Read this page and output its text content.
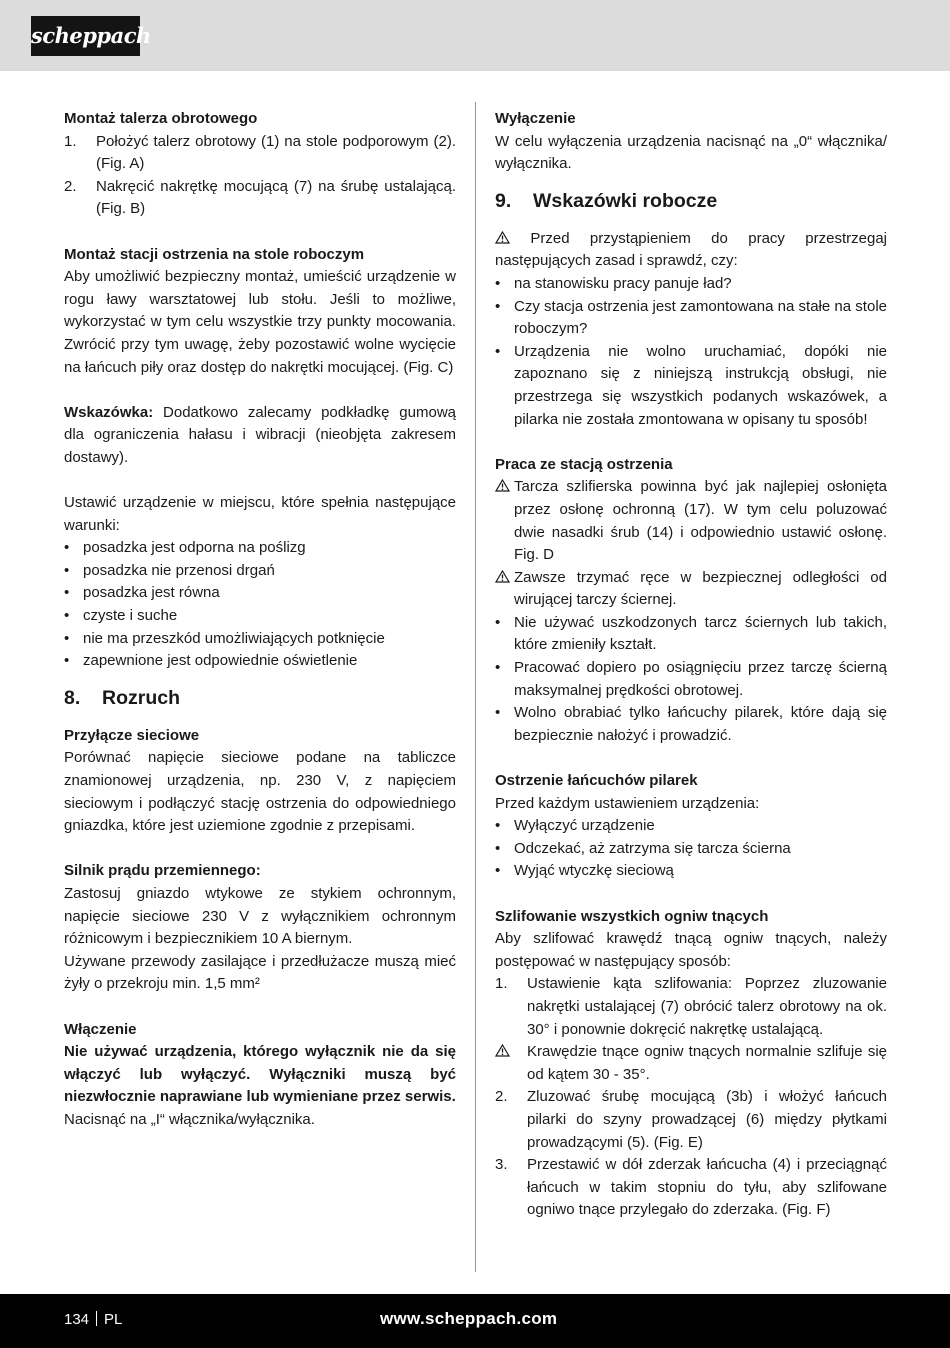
scheppach

Montaż talerza obrotowego

1.	Położyć talerz obrotowy (1) na stole podporowym (2). (Fig. A)
2.	Nakręcić nakrętkę mocującą (7) na śrubę ustalającą. (Fig. B)

Montaż stacji ostrzenia na stole roboczym

Aby umożliwić bezpieczny montaż, umieścić urządzenie w rogu ławy warsztatowej lub stołu. Jeśli to możliwe, wykorzystać w tym celu wszystkie trzy punkty mocowania. Zwrócić przy tym uwagę, żeby pozostawić wolne wycięcie na łańcuch piły oraz dostęp do nakrętki mocującej. (Fig. C)

Wskazówka: Dodatkowo zalecamy podkładkę gumową dla ograniczenia hałasu i wibracji (nieobjęta zakresem dostawy).

Ustawić urządzenie w miejscu, które spełnia następujące warunki:

• posadzka jest odporna na poślizg
• posadzka nie przenosi drgań
• posadzka jest równa
• czyste i suche
• nie ma przeszkód umożliwiających potknięcie
• zapewnione jest odpowiednie oświetlenie
8.	Rozruch

Przyłącze sieciowe

Porównać napięcie sieciowe podane na tabliczce znamionowej urządzenia, np. 230 V, z napięciem sieciowym i podłączyć stację ostrzenia do odpowiedniego gniazdka, które jest uziemione zgodnie z przepisami.

Silnik prądu przemiennego:

Zastosuj gniazdo wtykowe ze stykiem ochronnym, napięcie sieciowe 230 V z wyłącznikiem ochronnym różnicowym i bezpiecznikiem 10 A biernym.

Używane przewody zasilające i przedłużacze muszą mieć żyły o przekroju min. 1,5 mm²

Włączenie

Nie używać urządzenia, którego wyłącznik nie da się włączyć lub wyłączyć. Wyłączniki muszą być niezwłocznie naprawiane lub wymieniane przez serwis.

Nacisnąć na „I“ włącznika/wyłącznika.

Wyłączenie

W celu wyłączenia urządzenia nacisnąć na „0“ włącznika/ wyłącznika.

9.	Wskazówki robocze

Przed przystąpieniem do pracy przestrzegaj następujących zasad i sprawdź, czy:

• na stanowisku pracy panuje ład?
• Czy stacja ostrzenia jest zamontowana na stałe na stole roboczym?
• Urządzenia nie wolno uruchamiać, dopóki nie zapoznano się z niniejszą instrukcją obsługi, nie przestrzega się wszystkich podanych wskazówek, a pilarka nie została zmontowana w opisany tu sposób!

Praca ze stacją ostrzenia

Tarcza szlifierska powinna być jak najlepiej osłonięta przez osłonę ochronną (17). W tym celu poluzować dwie nasadki śrub (14) i odpowiednio ustawić osłonę. Fig. D
Zawsze trzymać ręce w bezpiecznej odległości od wirującej tarczy ściernej.
• Nie używać uszkodzonych tarcz ściernych lub takich, które zmieniły kształt.
• Pracować dopiero po osiągnięciu przez tarczę ścierną maksymalnej prędkości obrotowej.
• Wolno obrabiać tylko łańcuchy pilarek, które dają się bezpiecznie nałożyć i prowadzić.

Ostrzenie łańcuchów pilarek

Przed każdym ustawieniem urządzenia:

• Wyłączyć urządzenie
• Odczekać, aż zatrzyma się tarcza ścierna
• Wyjąć wtyczkę sieciową

Szlifowanie wszystkich ogniw tnących

Aby szlifować krawędź tnącą ogniw tnących, należy postępować w następujący sposób:

1.	Ustawienie kąta szlifowania: Poprzez zluzowanie nakrętki ustalającej (7) obrócić talerz obrotowy na ok. 30° i ponownie dokręcić nakrętkę ustalającą.
Krawędzie tnące ogniw tnących normalnie szlifuje się od kątem 30 - 35°.
2.	Zluzować śrubę mocującą (3b) i włożyć łańcuch pilarki do szyny prowadzącej (6) między płytkami prowadzącymi (5). (Fig. E)
3.	Przestawić w dół zderzak łańcucha (4) i przeciągnąć łańcuch w takim stopniu do tyłu, aby szlifowane ogniwo tnące przylegało do zderzaka. (Fig. F)
134 PL	www.scheppach.com
